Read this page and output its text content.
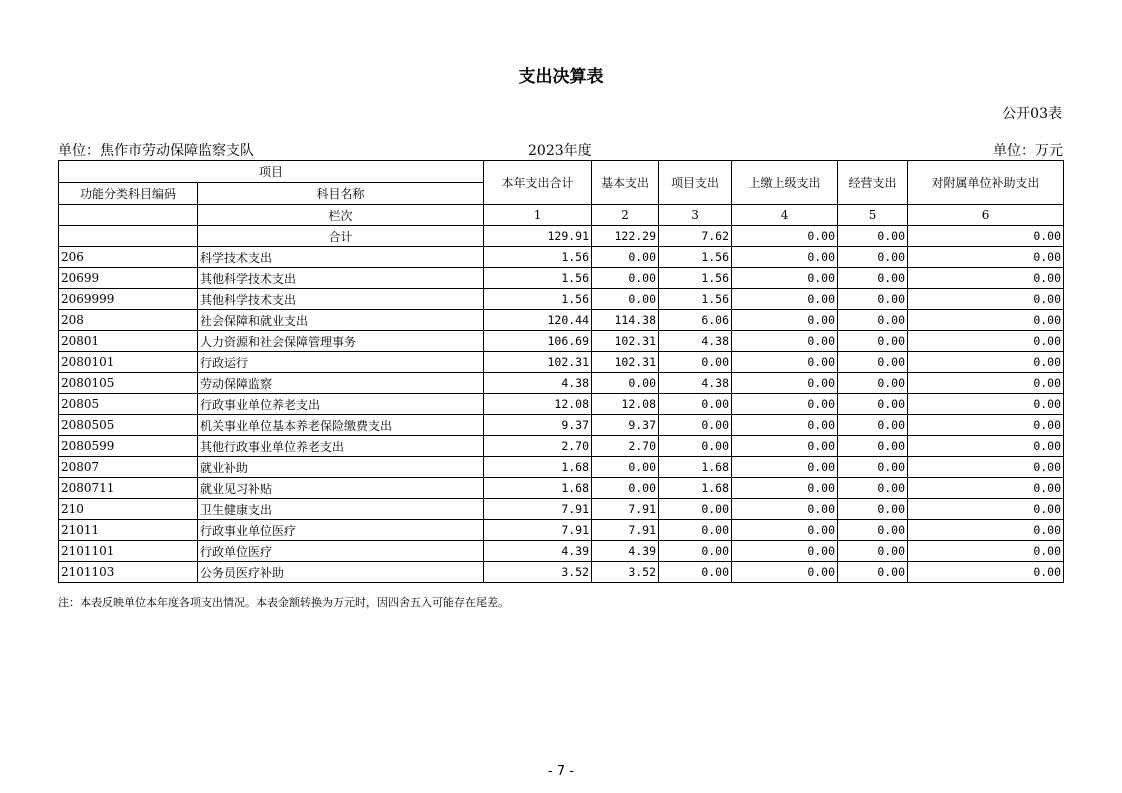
支出决算表
公开03表
单位：焦作市劳动保障监察支队	2023年度	单位：万元
项目		本年支出合计	基本支出	项目支出	上缴上级支出	经营支出	对附属单位补助支出
功能分类科目编码	科目名称						
	栏次	1	2	3	4	5	6
	合计	129.91	122.29	7.62	0.00	0.00	0.00
206	科学技术支出	1.56	0.00	1.56	0.00	0.00	0.00
20699	其他科学技术支出	1.56	0.00	1.56	0.00	0.00	0.00
2069999	其他科学技术支出	1.56	0.00	1.56	0.00	0.00	0.00
208	社会保障和就业支出	120.44	114.38	6.06	0.00	0.00	0.00
20801	人力资源和社会保障管理事务	106.69	102.31	4.38	0.00	0.00	0.00
2080101	行政运行	102.31	102.31	0.00	0.00	0.00	0.00
2080105	劳动保障监察	4.38	0.00	4.38	0.00	0.00	0.00
20805	行政事业单位养老支出	12.08	12.08	0.00	0.00	0.00	0.00
2080505	机关事业单位基本养老保险缴费支出	9.37	9.37	0.00	0.00	0.00	0.00
2080599	其他行政事业单位养老支出	2.70	2.70	0.00	0.00	0.00	0.00
20807	就业补助	1.68	0.00	1.68	0.00	0.00	0.00
2080711	就业见习补贴	1.68	0.00	1.68	0.00	0.00	0.00
210	卫生健康支出	7.91	7.91	0.00	0.00	0.00	0.00
21011	行政事业单位医疗	7.91	7.91	0.00	0.00	0.00	0.00
2101101	行政单位医疗	4.39	4.39	0.00	0.00	0.00	0.00
2101103	公务员医疗补助	3.52	3.52	0.00	0.00	0.00	0.00
注：本表反映单位本年度各项支出情况。本表金额转换为万元时，因四舍五入可能存在尾差。
- 7 -
